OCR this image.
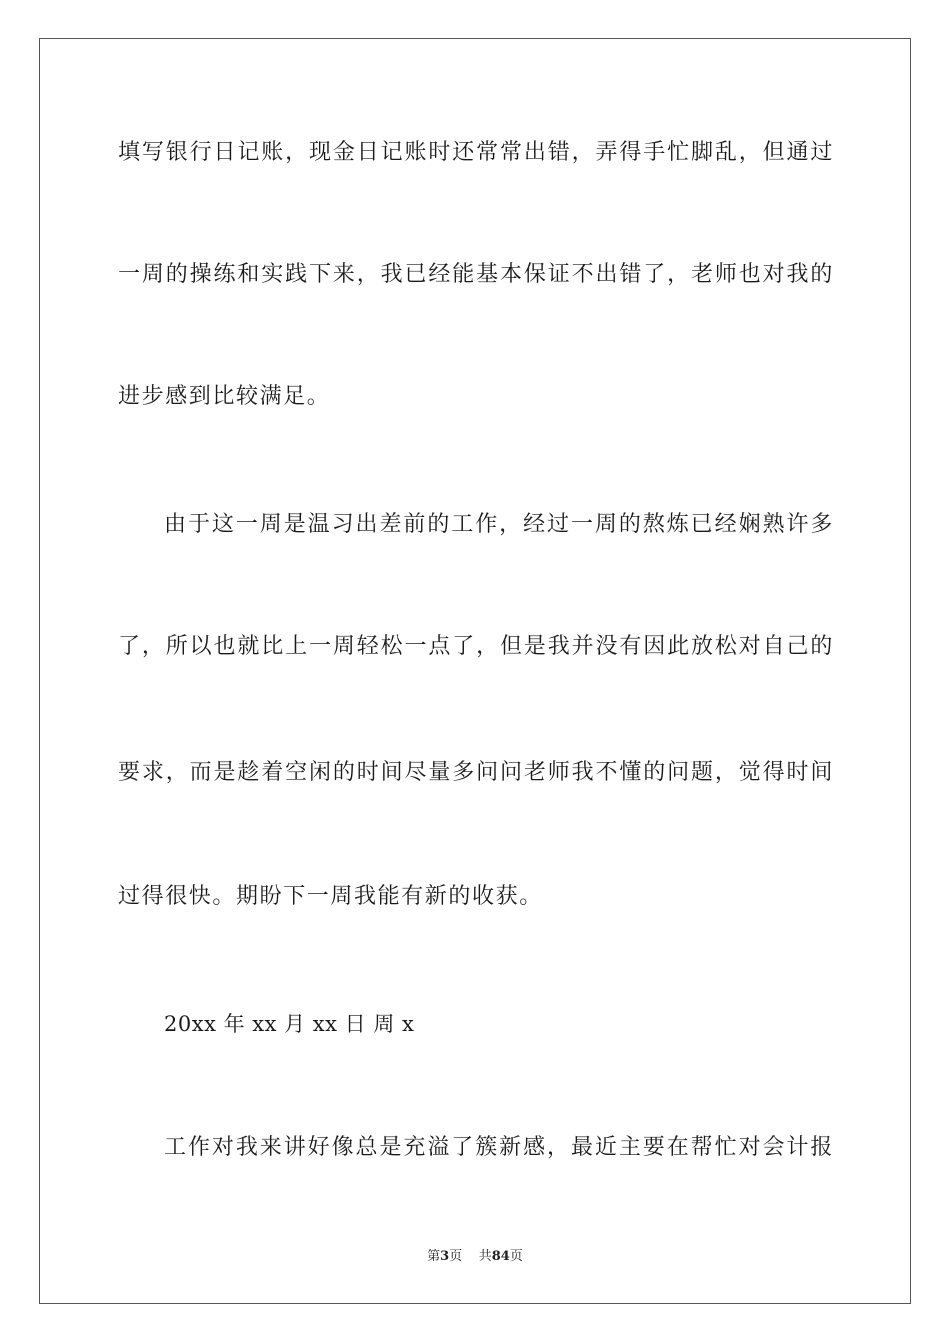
填写银行日记账，现金日记账时还常常出错，弄得手忙脚乱，但通过
一周的操练和实践下来，我已经能基本保证不出错了，老师也对我的
进步感到比较满足。
由于这一周是温习出差前的工作，经过一周的熬炼已经娴熟许多
了，所以也就比上一周轻松一点了，但是我并没有因此放松对自己的
要求，而是趁着空闲的时间尽量多问问老师我不懂的问题，觉得时间
过得很快。期盼下一周我能有新的收获。
20xx 年 xx 月 xx 日 周 x
工作对我来讲好像总是充溢了簇新感，最近主要在帮忙对会计报
第3页 共84页
